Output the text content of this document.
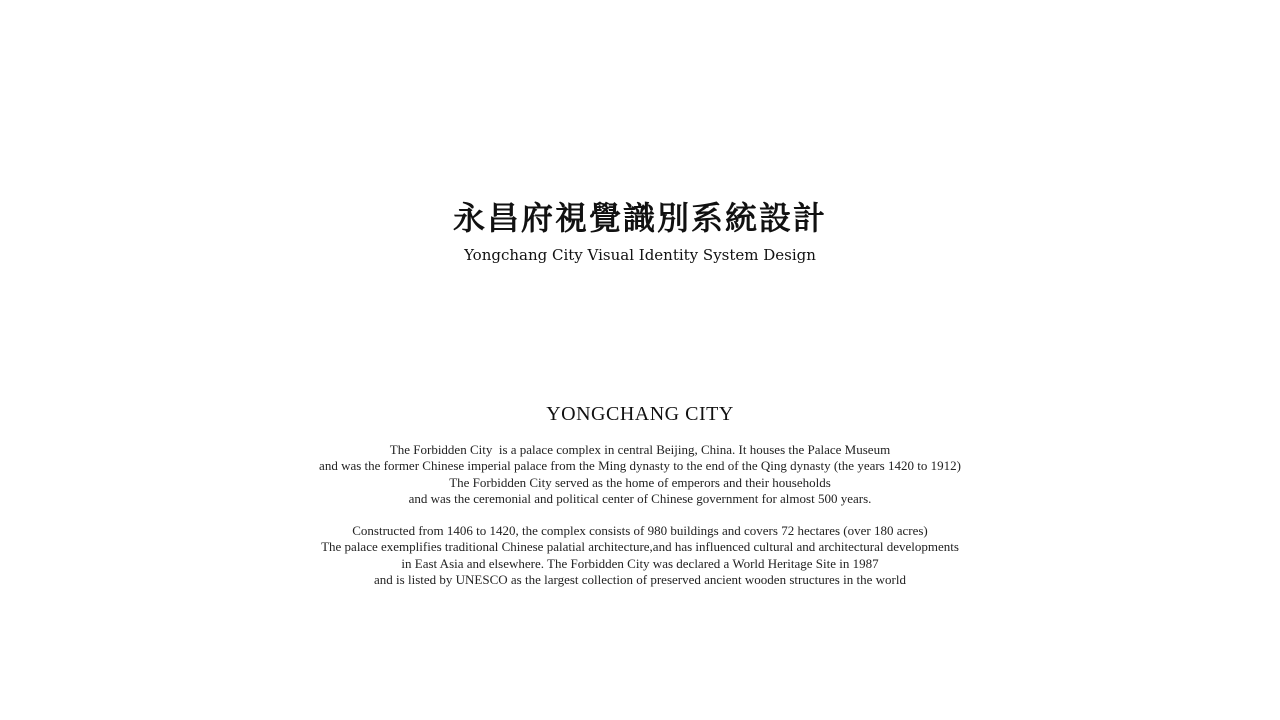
永昌府視覺識別系統設計
Yongchang City Visual Identity System Design
YONGCHANG CITY

The Forbidden City  is a palace complex in central Beijing, China. It houses the Palace Museum
and was the former Chinese imperial palace from the Ming dynasty to the end of the Qing dynasty (the years 1420 to 1912)
The Forbidden City served as the home of emperors and their households
and was the ceremonial and political center of Chinese government for almost 500 years.

Constructed from 1406 to 1420, the complex consists of 980 buildings and covers 72 hectares (over 180 acres)
The palace exemplifies traditional Chinese palatial architecture,and has influenced cultural and architectural developments
in East Asia and elsewhere. The Forbidden City was declared a World Heritage Site in 1987
and is listed by UNESCO as the largest collection of preserved ancient wooden structures in the world
